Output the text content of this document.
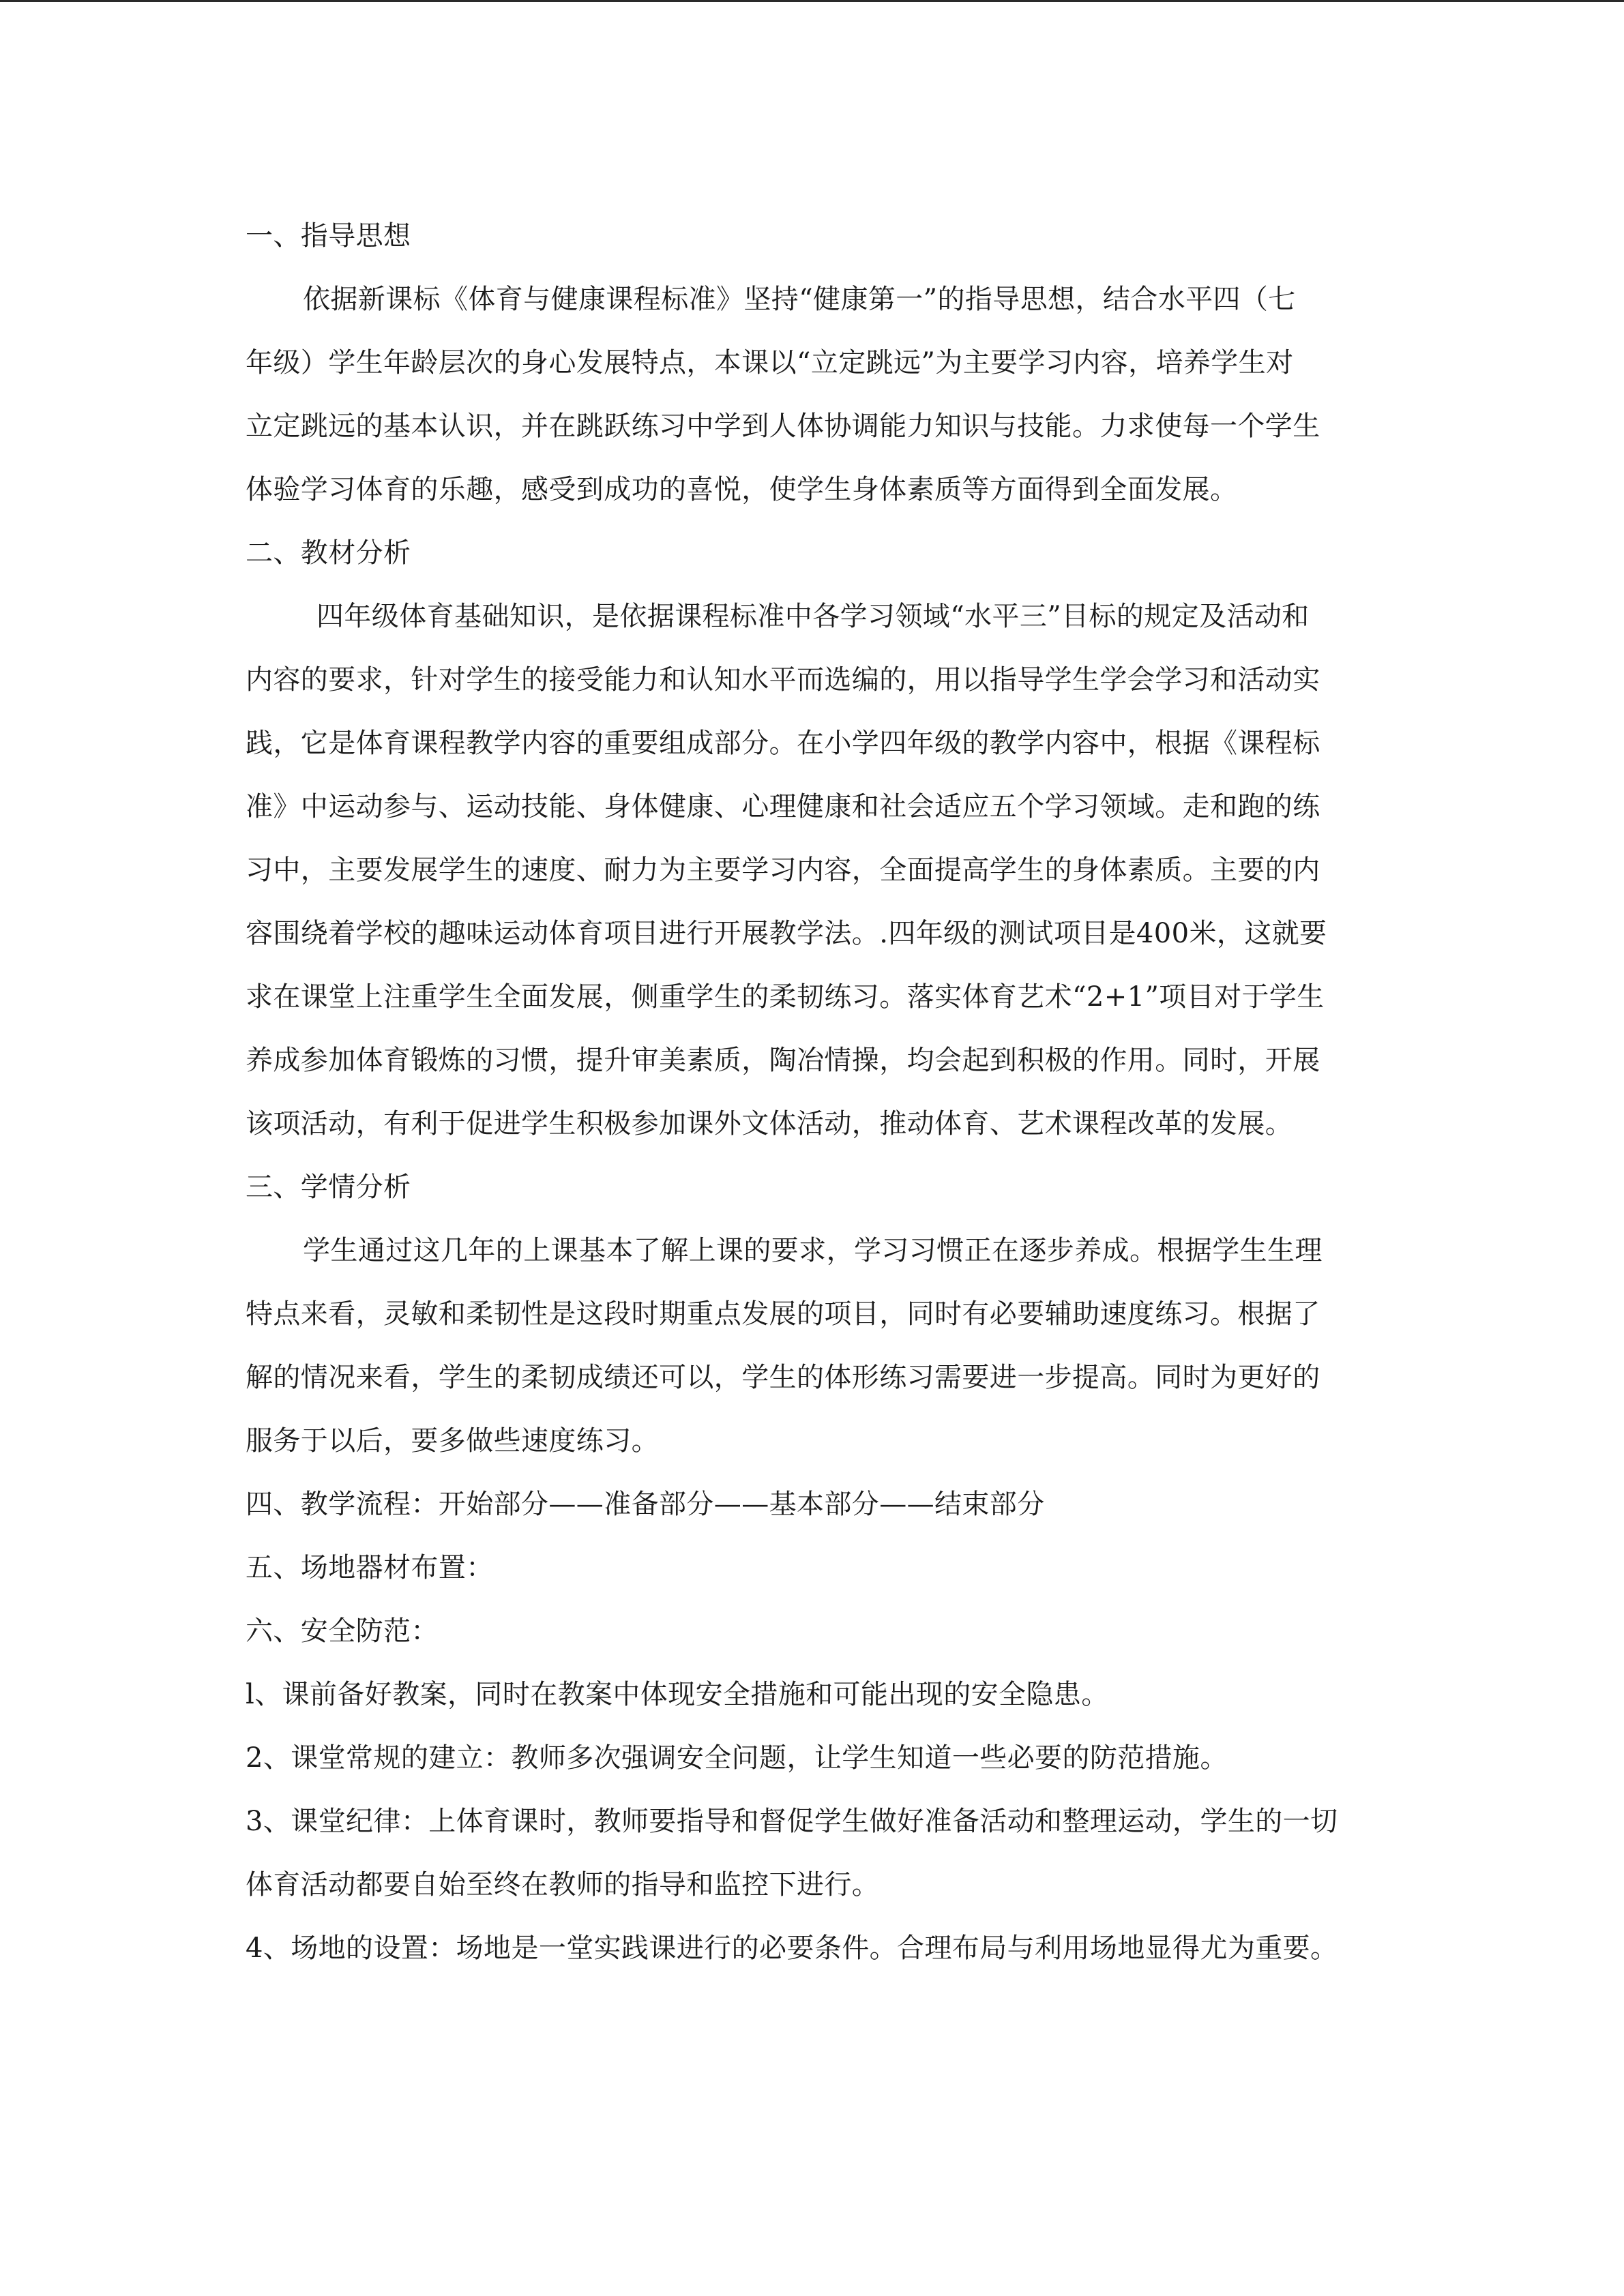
一、指导思想
依据新课标《体育与健康课程标准》坚持“健康第一”的指导思想，结合水平四（七
年级）学生年龄层次的身心发展特点，本课以“立定跳远”为主要学习内容，培养学生对
立定跳远的基本认识，并在跳跃练习中学到人体协调能力知识与技能。力求使每一个学生
体验学习体育的乐趣，感受到成功的喜悦，使学生身体素质等方面得到全面发展。
二、教材分析
四年级体育基础知识，是依据课程标准中各学习领域“水平三”目标的规定及活动和
内容的要求，针对学生的接受能力和认知水平而选编的，用以指导学生学会学习和活动实
践，它是体育课程教学内容的重要组成部分。在小学四年级的教学内容中，根据《课程标
准》中运动参与、运动技能、身体健康、心理健康和社会适应五个学习领域。走和跑的练
习中，主要发展学生的速度、耐力为主要学习内容，全面提高学生的身体素质。主要的内
容围绕着学校的趣味运动体育项目进行开展教学法。.四年级的测试项目是400米，这就要
求在课堂上注重学生全面发展，侧重学生的柔韧练习。落实体育艺术“2+1”项目对于学生
养成参加体育锻炼的习惯，提升审美素质，陶冶情操，均会起到积极的作用。同时，开展
该项活动，有利于促进学生积极参加课外文体活动，推动体育、艺术课程改革的发展。
三、学情分析
学生通过这几年的上课基本了解上课的要求，学习习惯正在逐步养成。根据学生生理
特点来看，灵敏和柔韧性是这段时期重点发展的项目，同时有必要辅助速度练习。根据了
解的情况来看，学生的柔韧成绩还可以，学生的体形练习需要进一步提高。同时为更好的
服务于以后，要多做些速度练习。
四、教学流程：开始部分——准备部分——基本部分——结束部分
五、场地器材布置：
六、安全防范：
l、课前备好教案，同时在教案中体现安全措施和可能出现的安全隐患。
2、课堂常规的建立：教师多次强调安全问题，让学生知道一些必要的防范措施。
3、课堂纪律：上体育课时，教师要指导和督促学生做好准备活动和整理运动，学生的一切
体育活动都要自始至终在教师的指导和监控下进行。
4、场地的设置：场地是一堂实践课进行的必要条件。合理布局与利用场地显得尤为重要。
